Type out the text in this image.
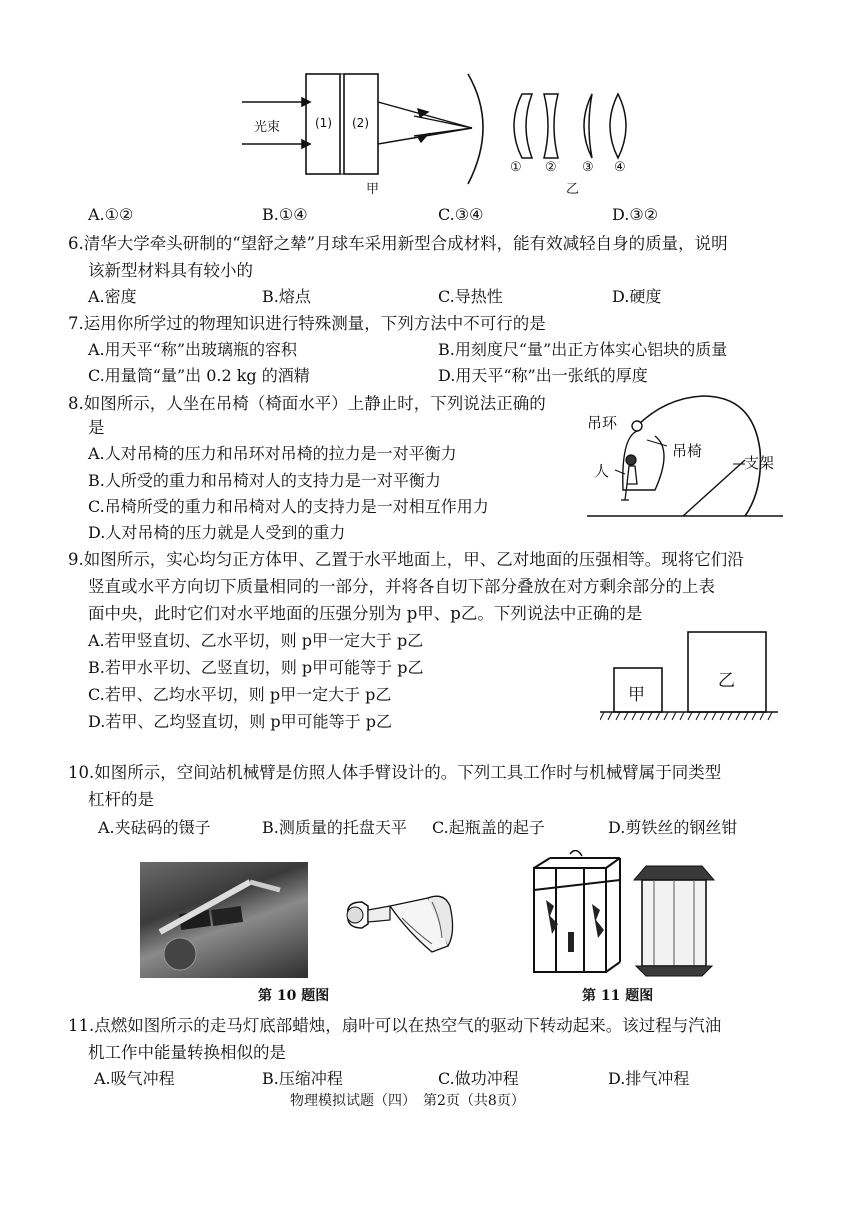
光束	(1) (2)
甲	乙
① ② ③ ④
A.①②	B.①④	C.③④	D.③②
6.清华大学牵头研制的“望舒之辇”月球车采用新型合成材料，能有效减轻自身的质量，说明
该新型材料具有较小的
A.密度	B.熔点	C.导热性	D.硬度
7.运用你所学过的物理知识进行特殊测量，下列方法中不可行的是
A.用天平“称”出玻璃瓶的容积	B.用刻度尺“量”出正方体实心铝块的质量
C.用量筒“量”出 0.2 kg 的酒精	D.用天平“称”出一张纸的厚度
8.如图所示，人坐在吊椅（椅面水平）上静止时，下列说法正确的
是
A.人对吊椅的压力和吊环对吊椅的拉力是一对平衡力
B.人所受的重力和吊椅对人的支持力是一对平衡力
C.吊椅所受的重力和吊椅对人的支持力是一对相互作用力
D.人对吊椅的压力就是人受到的重力
吊环
吊椅
人	支架
9.如图所示，实心均匀正方体甲、乙置于水平地面上，甲、乙对地面的压强相等。现将它们沿
竖直或水平方向切下质量相同的一部分，并将各自切下部分叠放在对方剩余部分的上表
面中央，此时它们对水平地面的压强分别为 p甲、p乙。下列说法中正确的是
A.若甲竖直切、乙水平切，则 p甲一定大于 p乙
B.若甲水平切、乙竖直切，则 p甲可能等于 p乙
C.若甲、乙均水平切，则 p甲一定大于 p乙
D.若甲、乙均竖直切，则 p甲可能等于 p乙
甲
乙
10.如图所示，空间站机械臂是仿照人体手臂设计的。下列工具工作时与机械臂属于同类型
杠杆的是
A.夹砝码的镊子	B.测质量的托盘天平 C.起瓶盖的起子	D.剪铁丝的钢丝钳
第 10 题图	第 11 题图
11.点燃如图所示的走马灯底部蜡烛，扇叶可以在热空气的驱动下转动起来。该过程与汽油
机工作中能量转换相似的是
A.吸气冲程	B.压缩冲程	C.做功冲程	D.排气冲程
物理模拟试题（四）　第2页（共8页）
